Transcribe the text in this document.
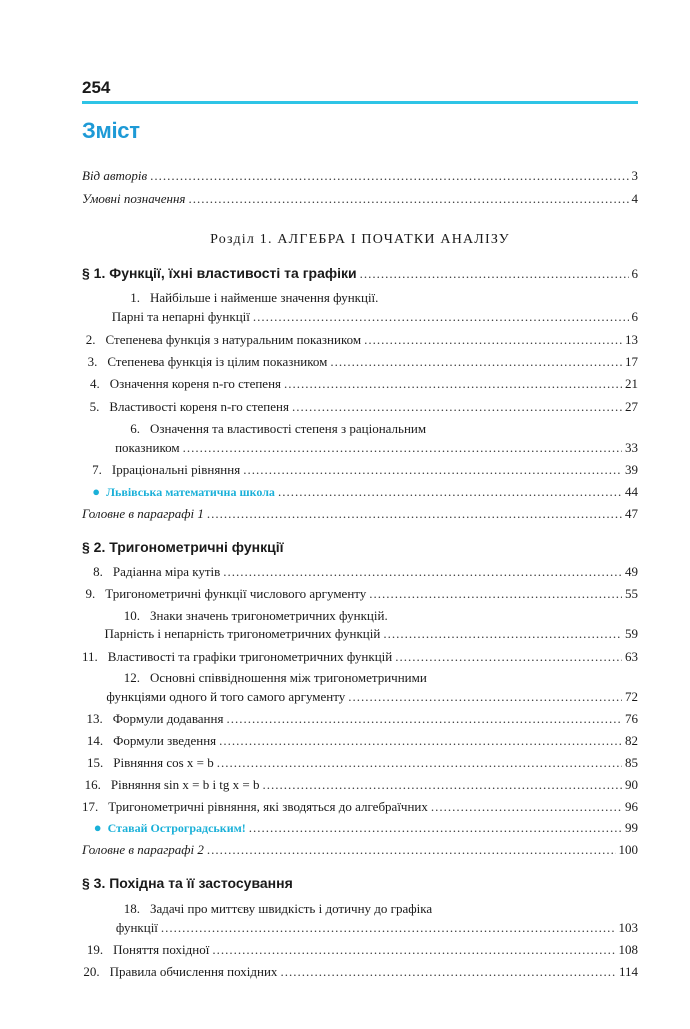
254
Зміст
Від авторів .....	3
Умовні позначення .....	4
Розділ 1. АЛГЕБРА І ПОЧАТКИ АНАЛІЗУ
§ 1. Функції, їхні властивості та графіки .....	6
1. Найбільше і найменше значення функції.
Парні та непарні функції .....	6
2. Степенева функція з натуральним показником .....	13
3. Степенева функція із цілим показником .....	17
4. Означення кореня n-го степеня .....	21
5. Властивості кореня n-го степеня .....	27
6. Означення та властивості степеня з раціональним
показником .....	33
7. Ірраціональні рівняння .....	39
● Львівська математична школа .....	44
Головне в параграфі 1 .....	47
§ 2. Тригонометричні функції
8. Радіанна міра кутів .....	49
9. Тригонометричні функції числового аргументу .....	55
10. Знаки значень тригонометричних функцій.
Парність і непарність тригонометричних функцій .....	59
11. Властивості та графіки тригонометричних функцій .....	63
12. Основні співвідношення між тригонометричними
функціями одного й того самого аргументу .....	72
13. Формули додавання .....	76
14. Формули зведення .....	82
15. Рівняння cos x = b .....	85
16. Рівняння sin x = b і tg x = b .....	90
17. Тригонометричні рівняння, які зводяться до алгебраїчних .....	96
● Ставай Остроградським! .....	99
Головне в параграфі 2 .....	100
§ 3. Похідна та її застосування
18. Задачі про миттєву швидкість і дотичну до графіка
функції .....	103
19. Поняття похідної .....	108
20. Правила обчислення похідних .....	114
